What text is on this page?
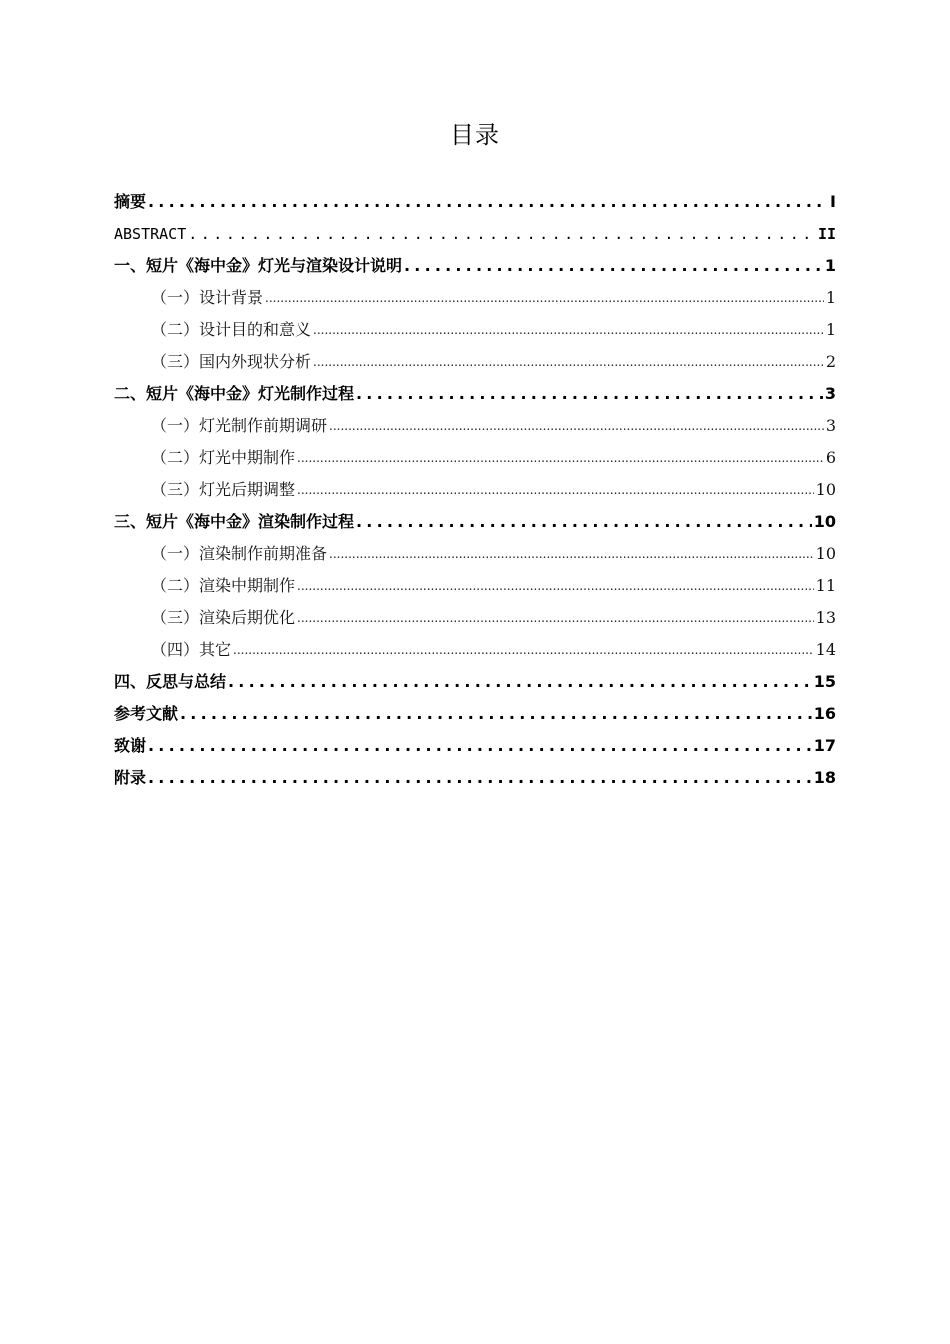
目录
摘要 .....	I
ABSTRACT .....	II
一、短片《海中金》灯光与渲染设计说明 .....	1
（一）设计背景 .....	1
（二）设计目的和意义 .....	1
（三）国内外现状分析 .....	2
二、短片《海中金》灯光制作过程 .....	3
（一）灯光制作前期调研 .....	3
（二）灯光中期制作 .....	6
（三）灯光后期调整 .....	10
三、短片《海中金》渲染制作过程 .....	10
（一）渲染制作前期准备 .....	10
（二）渲染中期制作 .....	11
（三）渲染后期优化 .....	13
（四）其它 .....	14
四、反思与总结 .....	15
参考文献 .....	16
致谢 .....	17
附录 .....	18
